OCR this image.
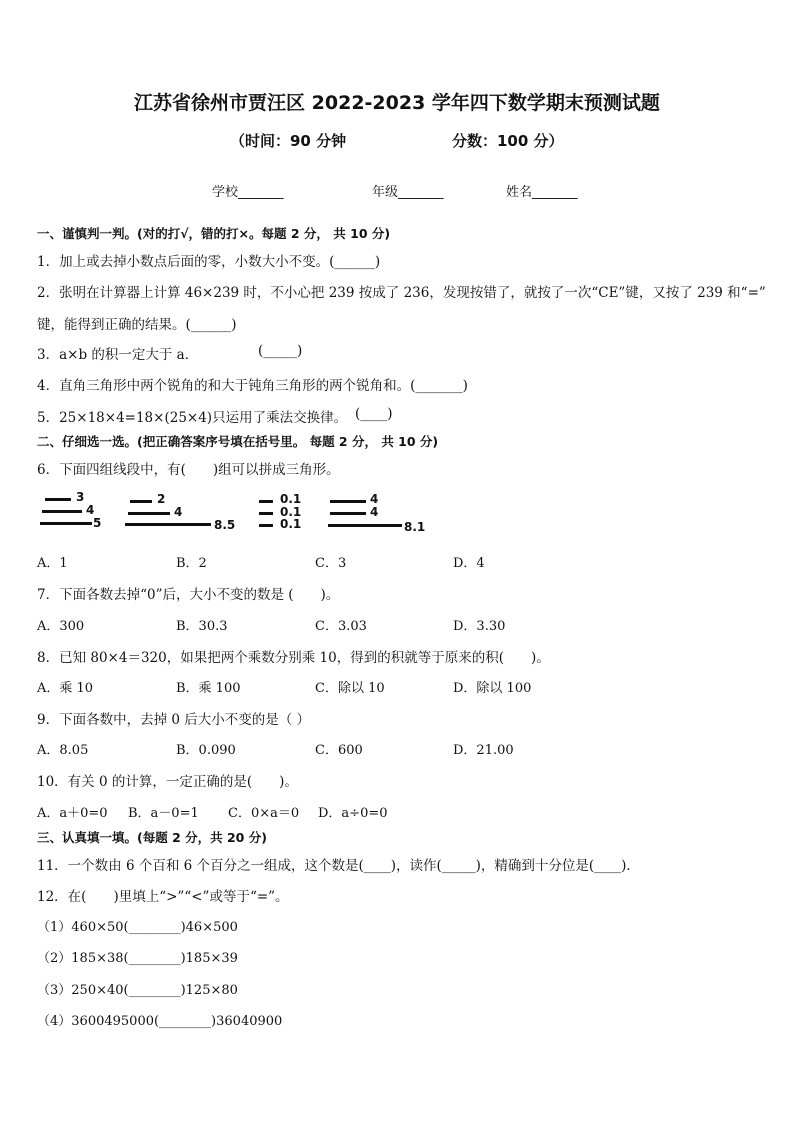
江苏省徐州市贾汪区 2022-2023 学年四下数学期末预测试题
（时间：90 分钟	分数：100 分）
学校_______	年级_______	姓名_______
一、谨慎判一判。(对的打√，错的打×。每题 2 分， 共 10 分)
1．加上或去掉小数点后面的零，小数大小不变。(______)
2．张明在计算器上计算 46×239 时，不小心把 239 按成了 236，发现按错了，就按了一次“CE”键，又按了 239 和“=”
键，能得到正确的结果。(______)
3．a×b 的积一定大于 a．	(_____)
4．直角三角形中两个锐角的和大于钝角三角形的两个锐角和。(_______)
5．25×18×4=18×(25×4)只运用了乘法交换律。 (____)
二、仔细选一选。(把正确答案序号填在括号里。 每题 2 分， 共 10 分)
6．下面四组线段中，有(　　)组可以拼成三角形。
3
4
5
2
4
8.5
0.1
0.1
0.1
4
4
8.1
A．1	B．2	C．3	D．4
7．下面各数去掉“0”后，大小不变的数是 (　　)。
A．300	B．30.3	C．3.03	D．3.30
8．已知 80×4＝320，如果把两个乘数分别乘 10，得到的积就等于原来的积(　　)。
A．乘 10	B．乘 100	C．除以 10	D．除以 100
9．下面各数中，去掉 0 后大小不变的是（ ）
A．8.05	B．0.090	C．600	D．21.00
10．有关 0 的计算，一定正确的是(　　)。
A．a＋0=0 B．a－0=1 C．0×a＝0 D．a÷0=0
三、认真填一填。(每题 2 分，共 20 分)
11．一个数由 6 个百和 6 个百分之一组成，这个数是(____)，读作(_____)，精确到十分位是(____)．
12．在(　　)里填上“>”“<”或等于“=”。
（1）460×50(________)46×500
（2）185×38(________)185×39
（3）250×40(________)125×80
（4）3600495000(________)36040900
